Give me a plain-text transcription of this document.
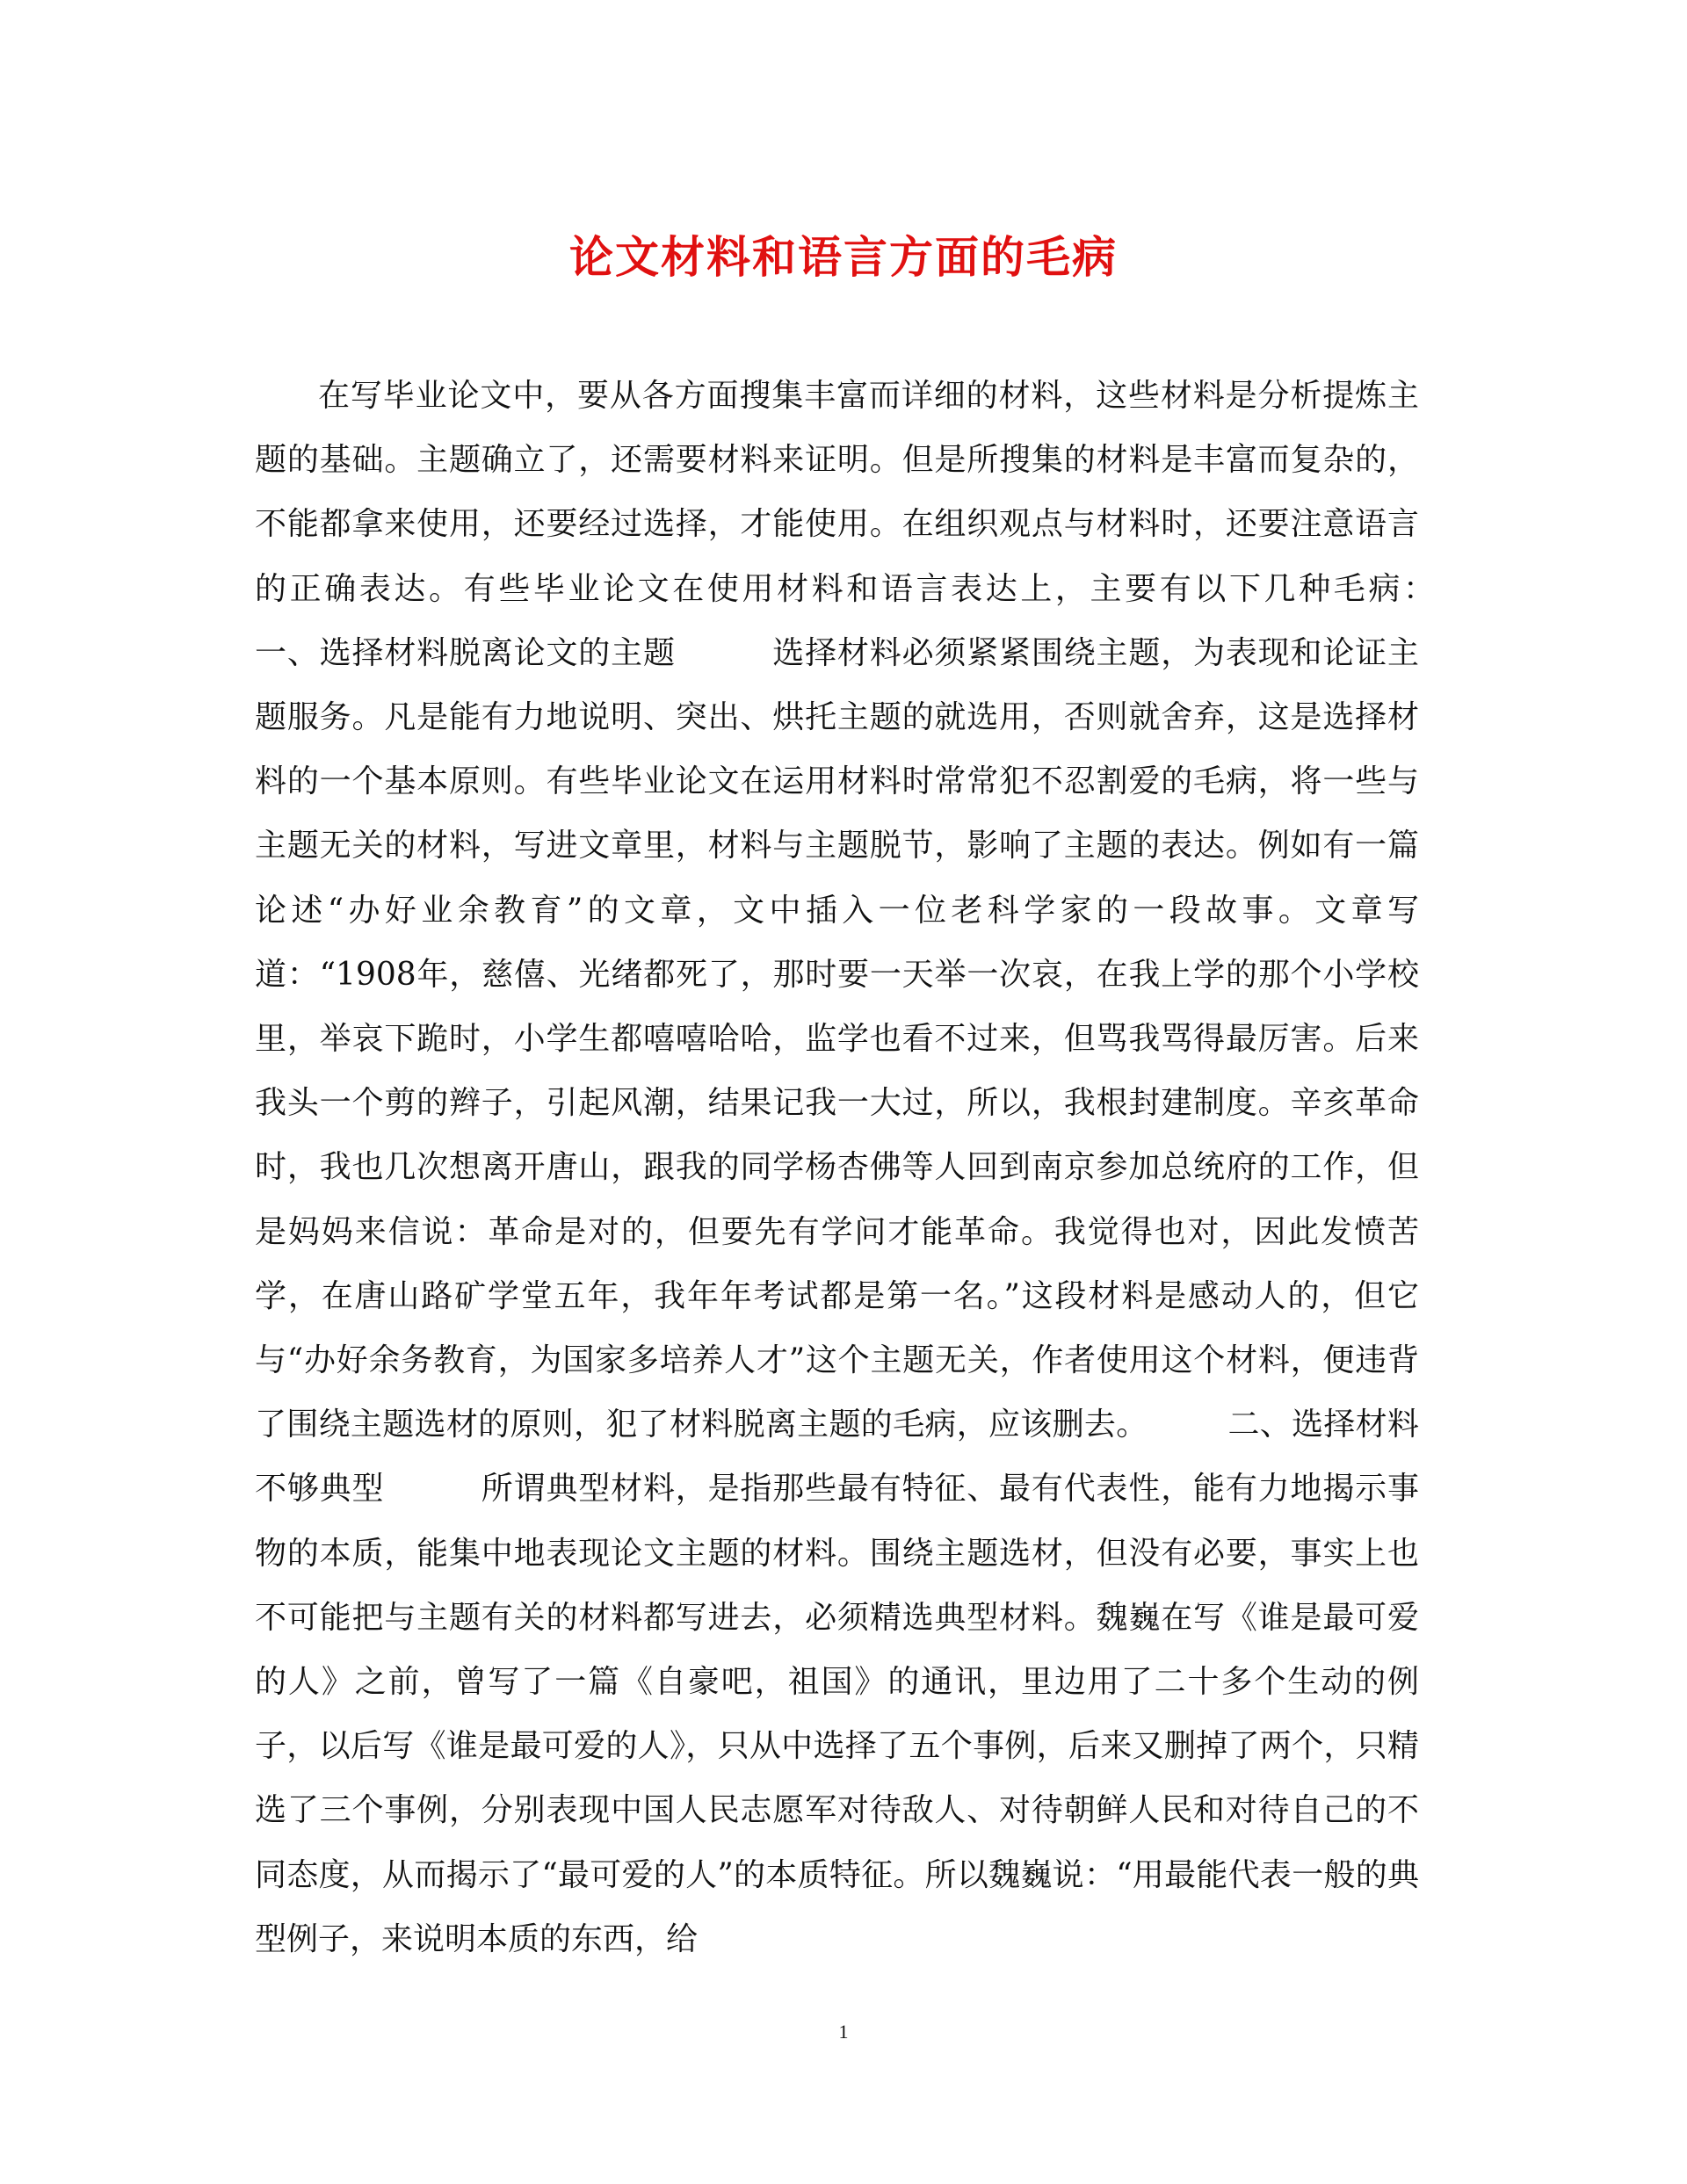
论文材料和语言方面的毛病

在写毕业论文中，要从各方面搜集丰富而详细的材料，这些材料是分析提炼主题的基础。主题确立了，还需要材料来证明。但是所搜集的材料是丰富而复杂的，不能都拿来使用，还要经过选择，才能使用。在组织观点与材料时，还要注意语言的正确表达。有些毕业论文在使用材料和语言表达上，主要有以下几种毛病：　　　一、选择材料脱离论文的主题　　　选择材料必须紧紧围绕主题，为表现和论证主题服务。凡是能有力地说明、突出、烘托主题的就选用，否则就舍弃，这是选择材料的一个基本原则。有些毕业论文在运用材料时常常犯不忍割爱的毛病，将一些与主题无关的材料，写进文章里，材料与主题脱节，影响了主题的表达。例如有一篇论述“办好业余教育”的文章，文中插入一位老科学家的一段故事。文章写道：“1908年，慈僖、光绪都死了，那时要一天举一次哀，在我上学的那个小学校里，举哀下跪时，小学生都嘻嘻哈哈，监学也看不过来，但骂我骂得最厉害。后来我头一个剪的辫子，引起风潮，结果记我一大过，所以，我根封建制度。辛亥革命时，我也几次想离开唐山，跟我的同学杨杏佛等人回到南京参加总统府的工作，但是妈妈来信说：革命是对的，但要先有学问才能革命。我觉得也对，因此发愤苦学，在唐山路矿学堂五年，我年年考试都是第一名。”这段材料是感动人的，但它与“办好余务教育，为国家多培养人才”这个主题无关，作者使用这个材料，便违背了围绕主题选材的原则，犯了材料脱离主题的毛病，应该删去。　　　二、选择材料不够典型　　　所谓典型材料，是指那些最有特征、最有代表性，能有力地揭示事物的本质，能集中地表现论文主题的材料。围绕主题选材，但没有必要，事实上也不可能把与主题有关的材料都写进去，必须精选典型材料。魏巍在写《谁是最可爱的人》之前，曾写了一篇《自豪吧，祖国》的通讯，里边用了二十多个生动的例子，以后写《谁是最可爱的人》，只从中选择了五个事例，后来又删掉了两个，只精选了三个事例，分别表现中国人民志愿军对待敌人、对待朝鲜人民和对待自己的不同态度，从而揭示了“最可爱的人”的本质特征。所以魏巍说：“用最能代表一般的典型例子，来说明本质的东西，给

1
